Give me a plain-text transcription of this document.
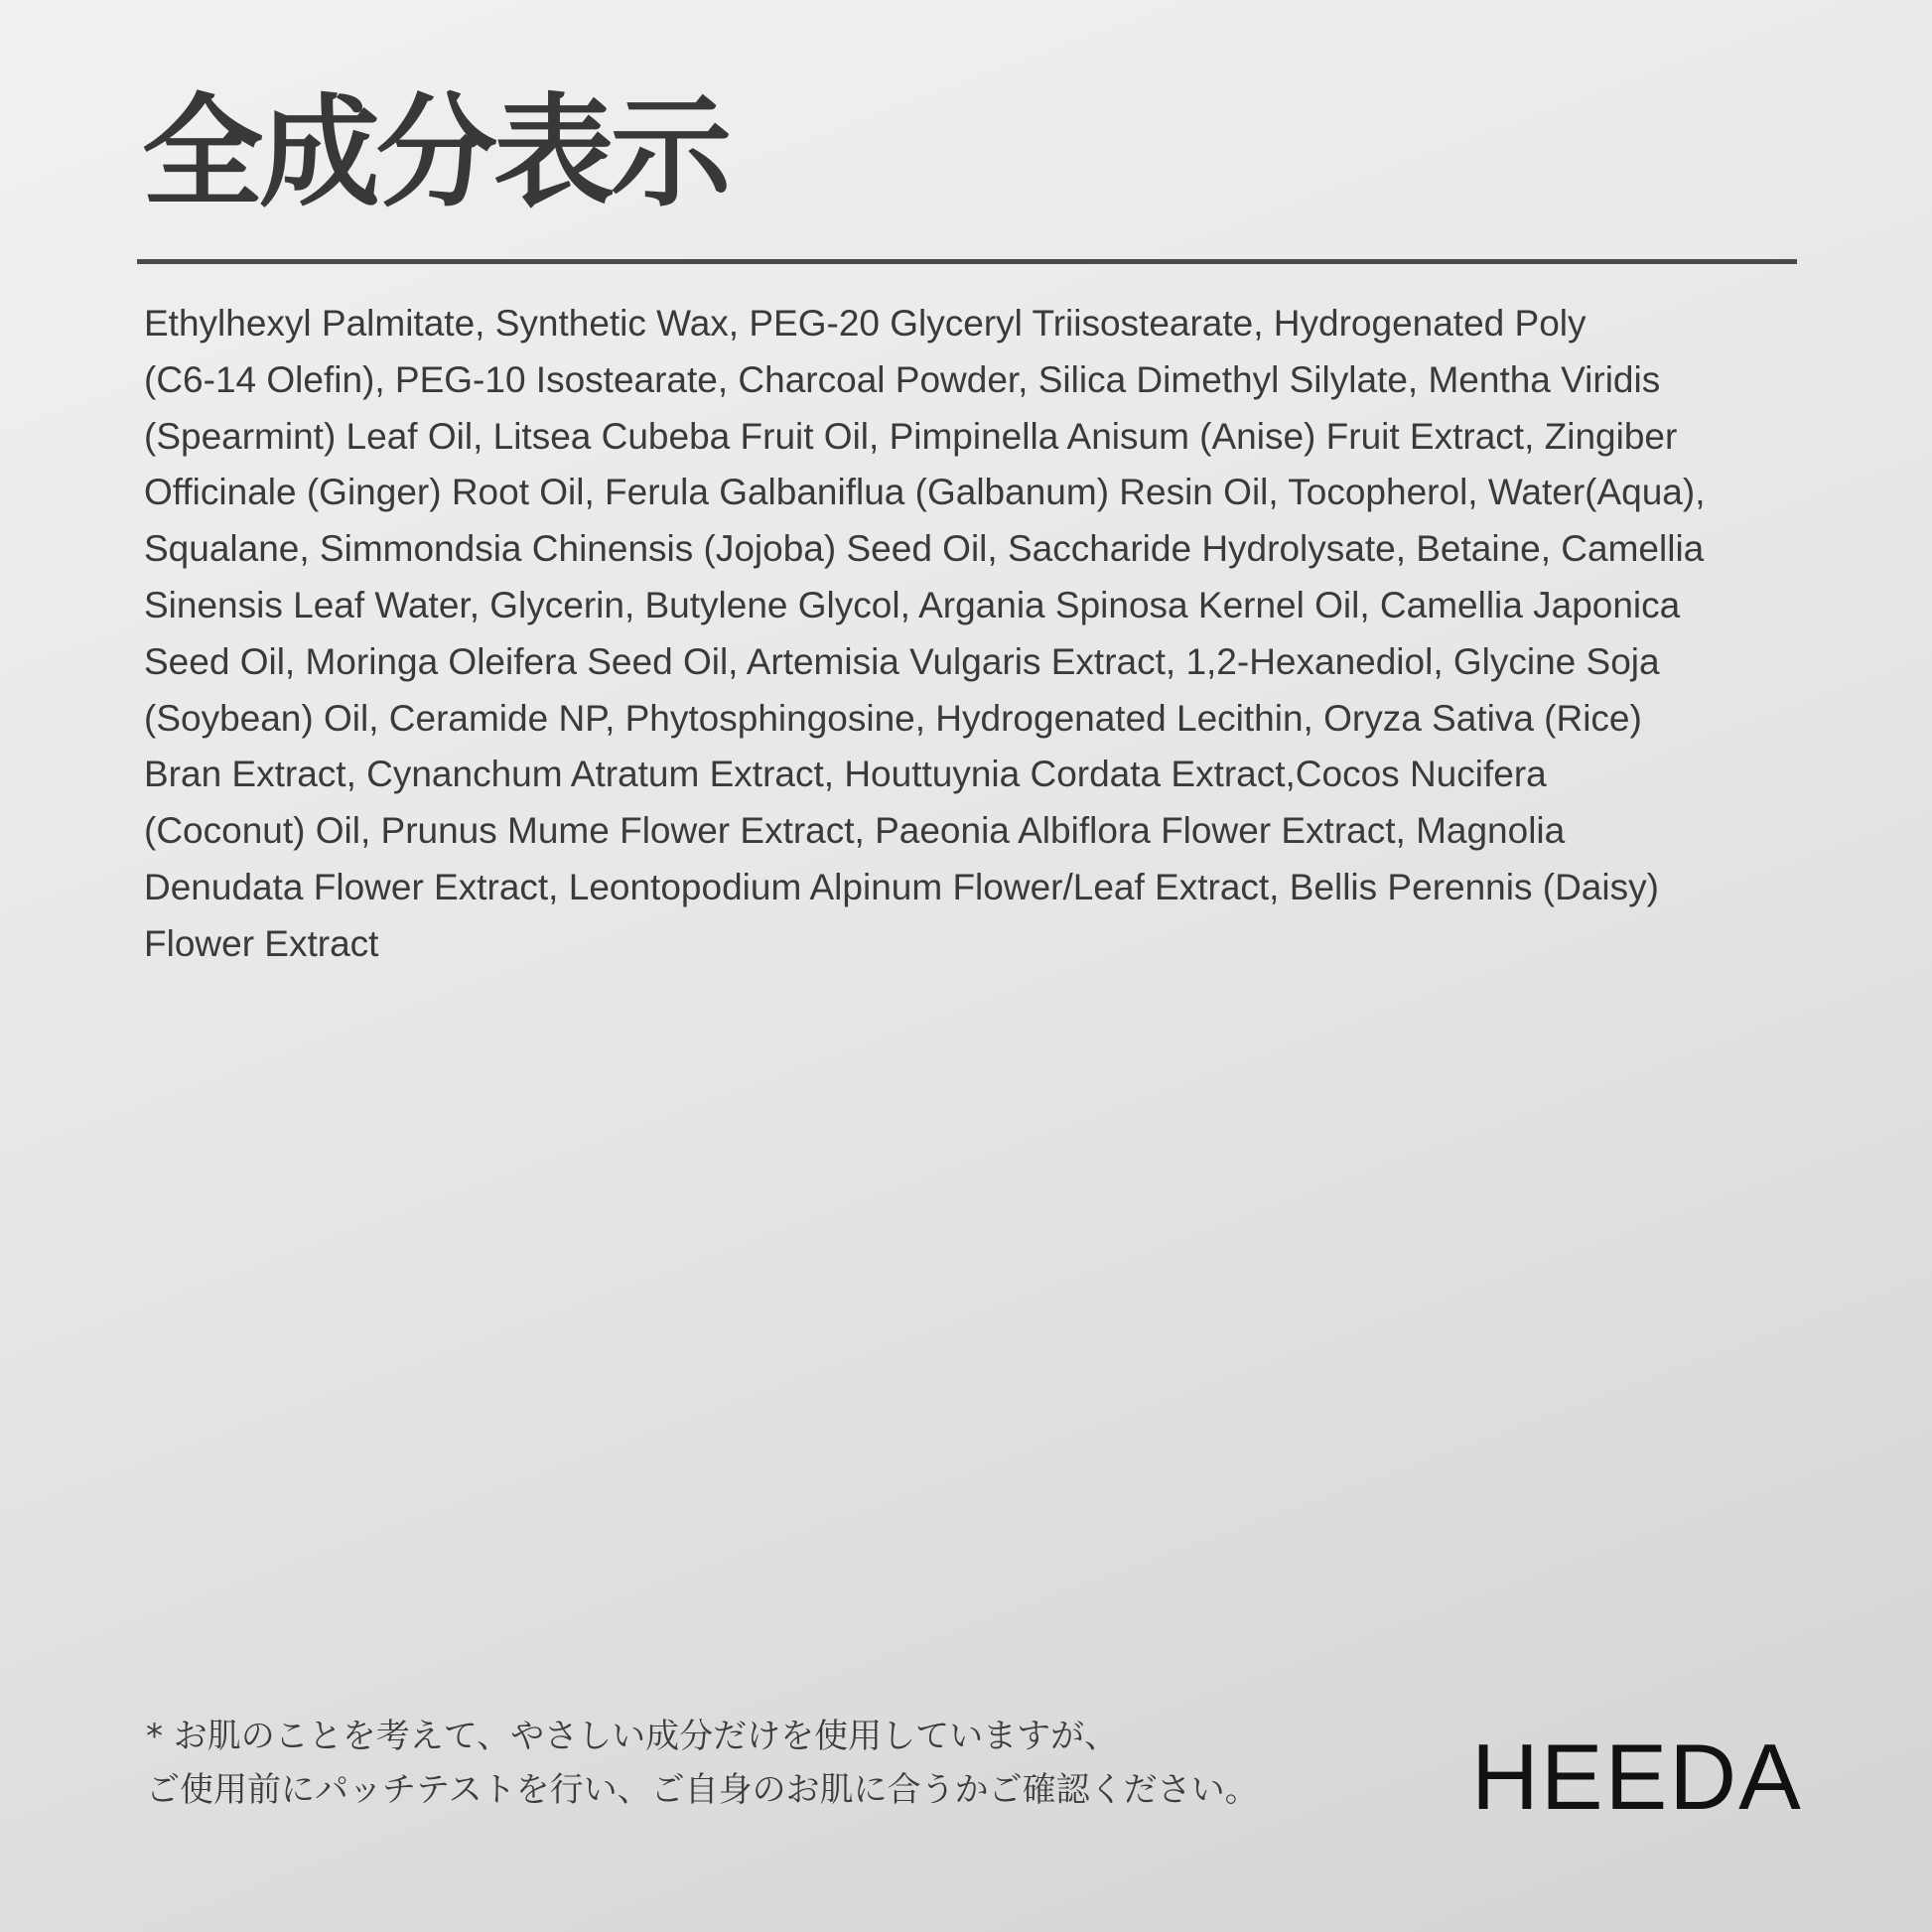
全成分表示

Ethylhexyl Palmitate, Synthetic Wax, PEG-20 Glyceryl Triisostearate, Hydrogenated Poly
(C6-14 Olefin), PEG-10 Isostearate, Charcoal Powder, Silica Dimethyl Silylate, Mentha Viridis
(Spearmint) Leaf Oil, Litsea Cubeba Fruit Oil, Pimpinella Anisum (Anise) Fruit Extract, Zingiber
Officinale (Ginger) Root Oil, Ferula Galbaniflua (Galbanum) Resin Oil, Tocopherol, Water(Aqua),
Squalane, Simmondsia Chinensis (Jojoba) Seed Oil, Saccharide Hydrolysate, Betaine, Camellia
Sinensis Leaf Water, Glycerin, Butylene Glycol, Argania Spinosa Kernel Oil, Camellia Japonica
Seed Oil, Moringa Oleifera Seed Oil, Artemisia Vulgaris Extract, 1,2-Hexanediol, Glycine Soja
(Soybean) Oil, Ceramide NP, Phytosphingosine, Hydrogenated Lecithin, Oryza Sativa (Rice)
Bran Extract, Cynanchum Atratum Extract, Houttuynia Cordata Extract,Cocos Nucifera
(Coconut) Oil, Prunus Mume Flower Extract, Paeonia Albiflora Flower Extract, Magnolia
Denudata Flower Extract, Leontopodium Alpinum Flower/Leaf Extract, Bellis Perennis (Daisy)
Flower Extract

* お肌のことを考えて、やさしい成分だけを使用していますが、
ご使用前にパッチテストを行い、ご自身のお肌に合うかご確認ください。 HEEDA
